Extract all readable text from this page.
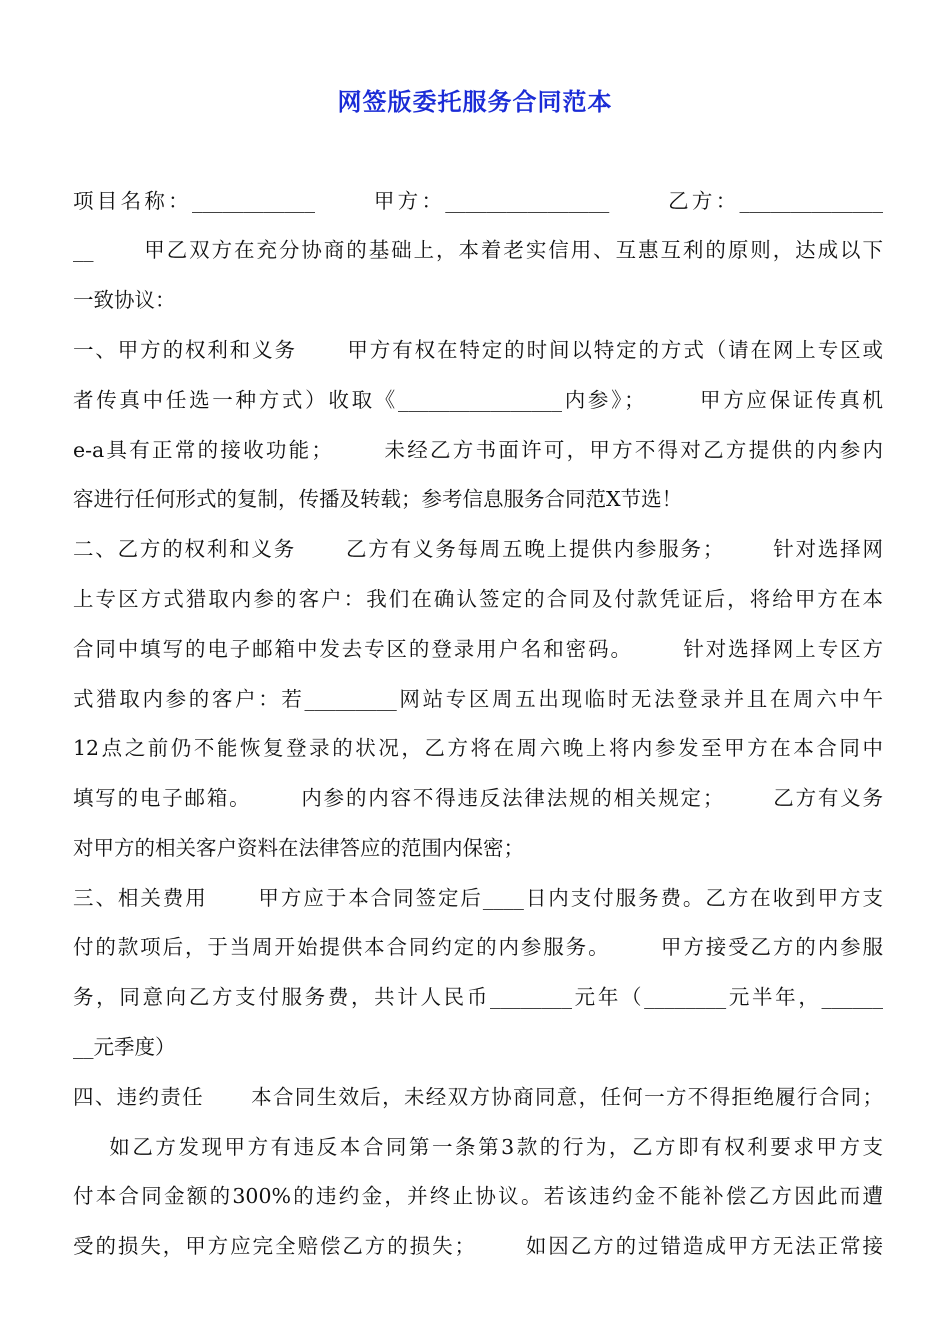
网签版委托服务合同范本
项目名称：____________      甲方：________________      乙方：______________
__      甲乙双方在充分协商的基础上，本着老实信用、互惠互利的原则，达成以下
一致协议：
一、甲方的权利和义务      甲方有权在特定的时间以特定的方式（请在网上专区或
者传真中任选一种方式）收取《________________内参》；      甲方应保证传真机
e-a具有正常的接收功能；      未经乙方书面许可，甲方不得对乙方提供的内参内
容进行任何形式的复制，传播及转载；参考信息服务合同范X节选！
二、乙方的权利和义务      乙方有义务每周五晚上提供内参服务；      针对选择网
上专区方式猎取内参的客户：我们在确认签定的合同及付款凭证后，将给甲方在本
合同中填写的电子邮箱中发去专区的登录用户名和密码。      针对选择网上专区方
式猎取内参的客户：若_________网站专区周五出现临时无法登录并且在周六中午
12点之前仍不能恢复登录的状况，乙方将在周六晚上将内参发至甲方在本合同中
填写的电子邮箱。      内参的内容不得违反法律法规的相关规定；      乙方有义务
对甲方的相关客户资料在法律答应的范围内保密；
三、相关费用      甲方应于本合同签定后____日内支付服务费。乙方在收到甲方支
付的款项后，于当周开始提供本合同约定的内参服务。      甲方接受乙方的内参服
务，同意向乙方支付服务费，共计人民币________元年（________元半年，______
__元季度）
四、违约责任      本合同生效后，未经双方协商同意，任何一方不得拒绝履行合同；
如乙方发现甲方有违反本合同第一条第3款的行为，乙方即有权利要求甲方支
付本合同金额的300%的违约金，并终止协议。若该违约金不能补偿乙方因此而遭
受的损失，甲方应完全赔偿乙方的损失；      如因乙方的过错造成甲方无法正常接
